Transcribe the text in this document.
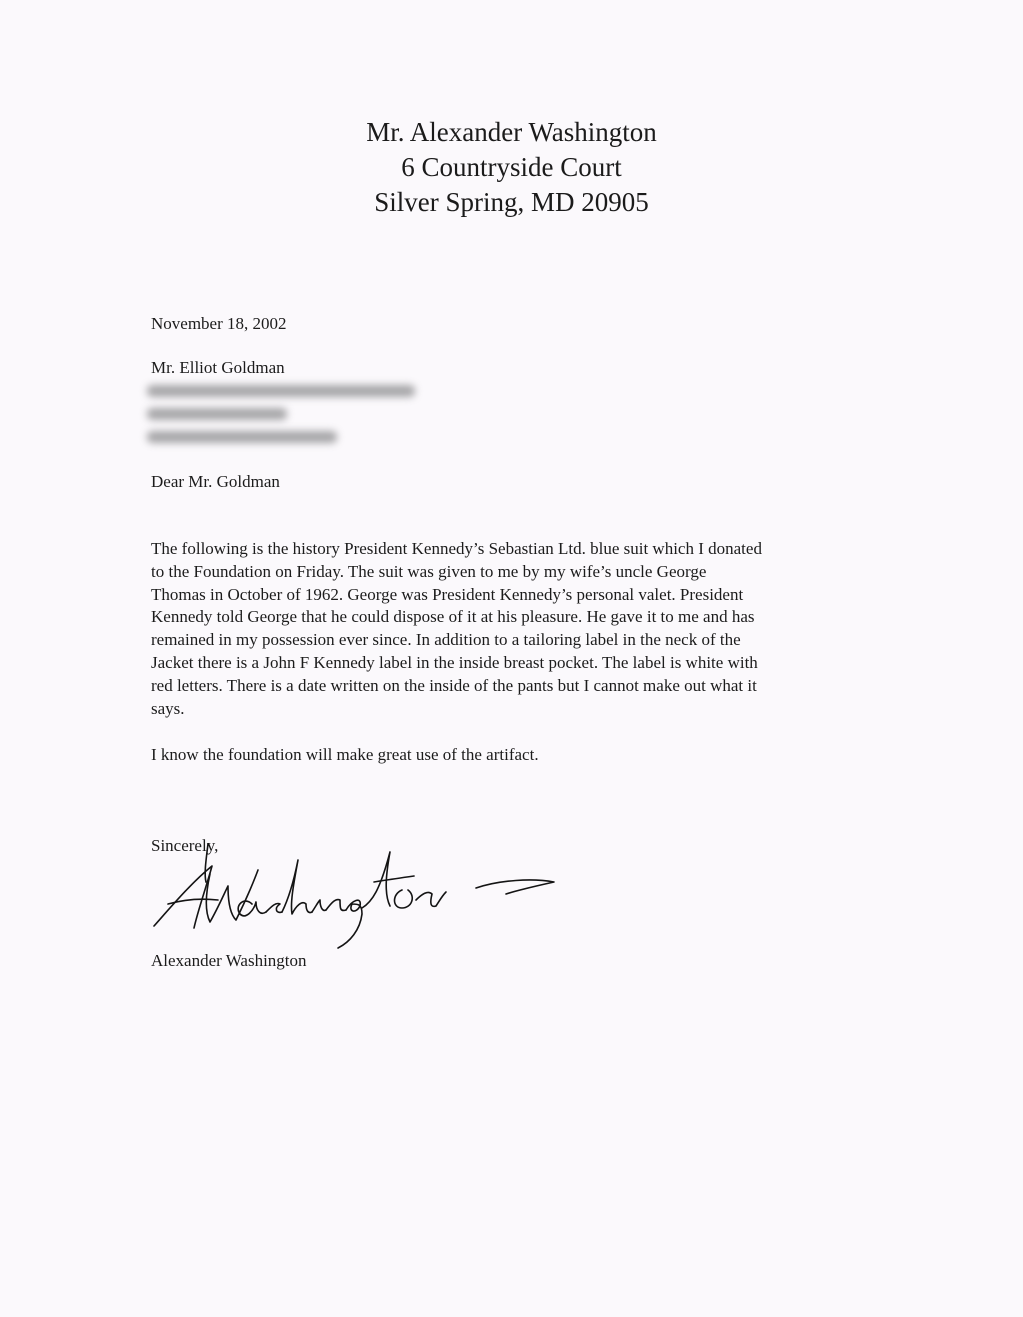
Mr. Alexander Washington
6 Countryside Court
Silver Spring, MD 20905
November 18, 2002
Mr. Elliot Goldman
Dear Mr. Goldman
The following is the history President Kennedy’s Sebastian Ltd. blue suit which I donated
to the Foundation on Friday. The suit was given to me by my wife’s uncle George
Thomas in October of 1962. George was President Kennedy’s personal valet. President
Kennedy told George that he could dispose of it at his pleasure. He gave it to me and has
remained in my possession ever since. In addition to a tailoring label in the neck of the
Jacket there is a John F Kennedy label in the inside breast pocket. The label is white with
red letters. There is a date written on the inside of the pants but I cannot make out what it
says.
I know the foundation will make great use of the artifact.
Sincerely,
Alexander Washington
